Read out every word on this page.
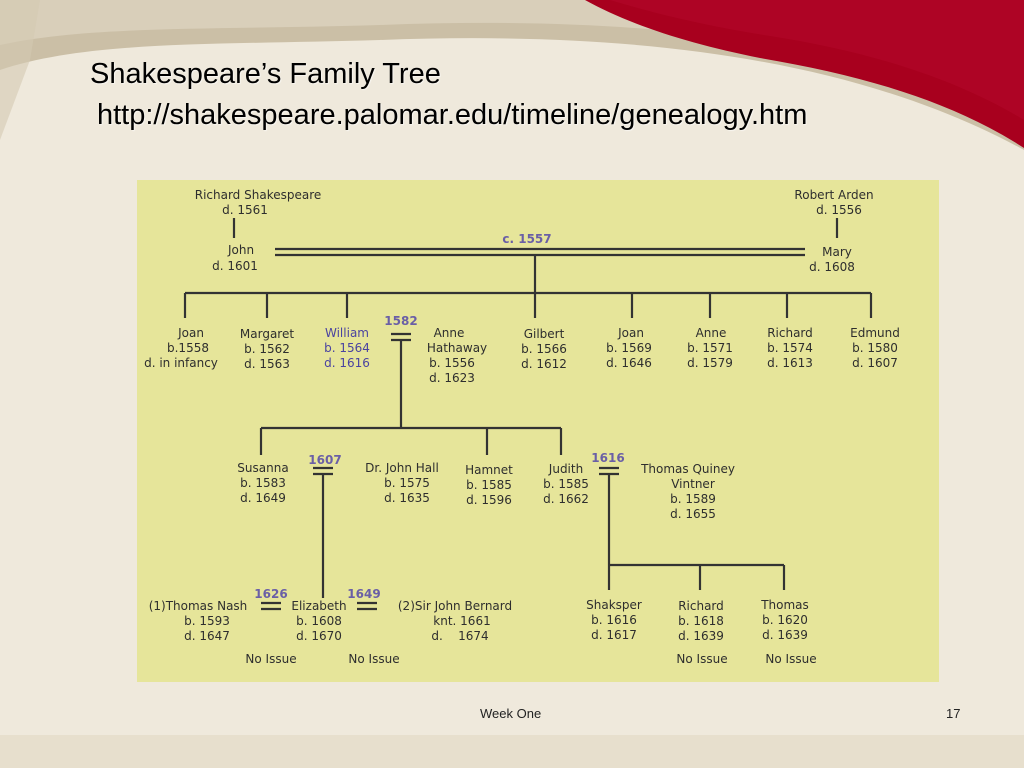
Shakespeare’s Family Tree
http://shakespeare.palomar.edu/timeline/genealogy.htm
Richard Shakespeare
d. 1561
Robert Arden
d. 1556
John
d. 1601
Mary
d. 1608
c. 1557
Joan
b.1558
d. in infancy
Margaret
b. 1562
d. 1563
William
b. 1564
d. 1616
1582
Anne
Hathaway
b. 1556
d. 1623
Gilbert
b. 1566
d. 1612
Joan
b. 1569
d. 1646
Anne
b. 1571
d. 1579
Richard
b. 1574
d. 1613
Edmund
b. 1580
d. 1607
Susanna
b. 1583
d. 1649
1607
Dr. John Hall
b. 1575
d. 1635
Hamnet
b. 1585
d. 1596
Judith
b. 1585
d. 1662
1616
Thomas Quiney
Vintner
b. 1589
d. 1655
(1)Thomas Nash
b. 1593
d. 1647
1626
Elizabeth
b. 1608
d. 1670
1649
(2)Sir John Bernard
knt. 1661
d.    1674
Shaksper
b. 1616
d. 1617
Richard
b. 1618
d. 1639
Thomas
b. 1620
d. 1639
No Issue	No Issue	No Issue	No Issue
Week One	17
